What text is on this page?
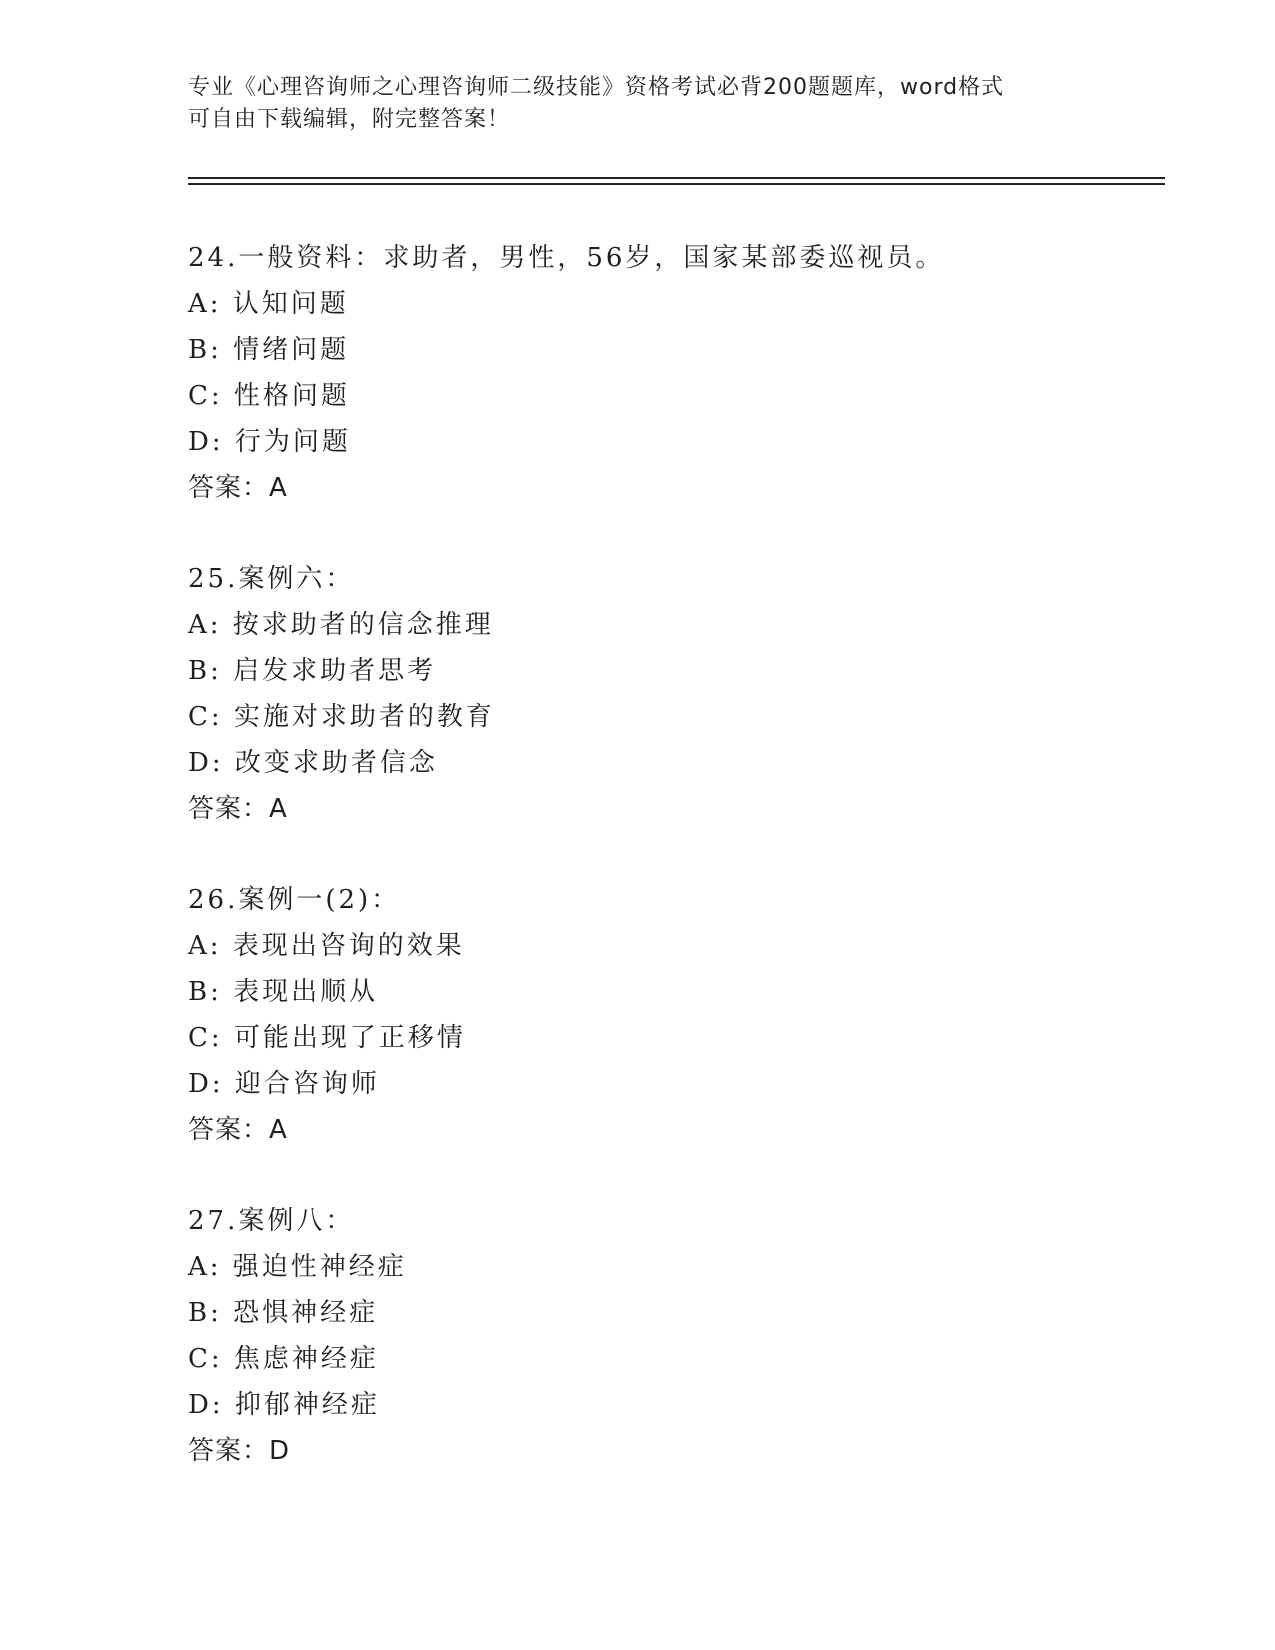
专业《心理咨询师之心理咨询师二级技能》资格考试必背200题题库，word格式
可自由下载编辑，附完整答案！
24.一般资料：求助者，男性，56岁，国家某部委巡视员。
A: 认知问题
B: 情绪问题
C: 性格问题
D: 行为问题
答案：A
25.案例六：
A: 按求助者的信念推理
B: 启发求助者思考
C: 实施对求助者的教育
D: 改变求助者信念
答案：A
26.案例一(2)：
A: 表现出咨询的效果
B: 表现出顺从
C: 可能出现了正移情
D: 迎合咨询师
答案：A
27.案例八：
A: 强迫性神经症
B: 恐惧神经症
C: 焦虑神经症
D: 抑郁神经症
答案：D
